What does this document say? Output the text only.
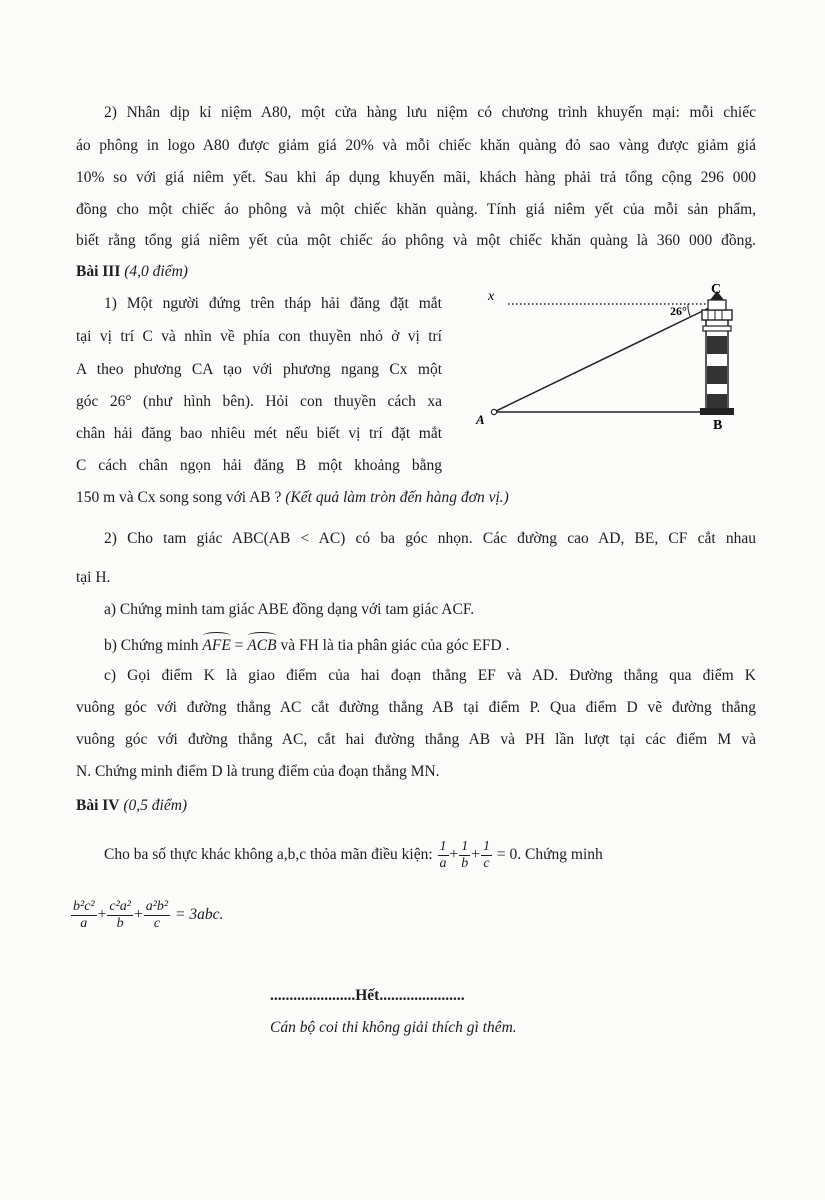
2) Nhân dịp kỉ niệm A80, một cửa hàng lưu niệm có chương trình khuyến mại: mỗi chiếc
áo phông in logo A80 được giảm giá 20% và mỗi chiếc khăn quàng đỏ sao vàng được giảm giá
10% so với giá niêm yết. Sau khi áp dụng khuyến mãi, khách hàng phải trả tổng cộng 296 000
đồng cho một chiếc áo phông và một chiếc khăn quàng. Tính giá niêm yết của mỗi sản phẩm,
biết rằng tổng giá niêm yết của một chiếc áo phông và một chiếc khăn quàng là 360 000 đồng.
Bài III (4,0 điểm)
1) Một người đứng trên tháp hải đăng đặt mắt
tại vị trí C và nhìn về phía con thuyền nhỏ ở vị trí
A theo phương CA tạo với phương ngang Cx một
góc 26° (như hình bên). Hỏi con thuyền cách xa
chân hải đăng bao nhiêu mét nếu biết vị trí đặt mắt
C cách chân ngọn hải đăng B một khoảng bằng
150 m và Cx song song với AB ? (Kết quả làm tròn đến hàng đơn vị.)
x	C
A	B
26°
2) Cho tam giác ABC(AB < AC) có ba góc nhọn. Các đường cao AD, BE, CF cắt nhau
tại H.
a) Chứng minh tam giác ABE đồng dạng với tam giác ACF.
b) Chứng minh AFE = ACB và FH là tia phân giác của góc EFD .
c) Gọi điểm K là giao điểm của hai đoạn thẳng EF và AD. Đường thẳng qua điểm K
vuông góc với đường thẳng AC cắt đường thẳng AB tại điểm P. Qua điểm D vẽ đường thẳng
vuông góc với đường thẳng AC, cắt hai đường thẳng AB và PH lần lượt tại các điểm M và
N. Chứng minh điểm D là trung điểm của đoạn thẳng MN.
Bài IV (0,5 điểm)
Cho ba số thực khác không a,b,c thỏa mãn điều kiện: $\frac{1}{a} + \frac{1}{b} + \frac{1}{c} = 0$. Chứng minh
$\frac{\text{b²c²}}{a} + \frac{\text{c²a²}}{b} + \frac{\text{a²b²}}{c} = 3abc$.
......................Hết......................
Cán bộ coi thi không giải thích gì thêm.
